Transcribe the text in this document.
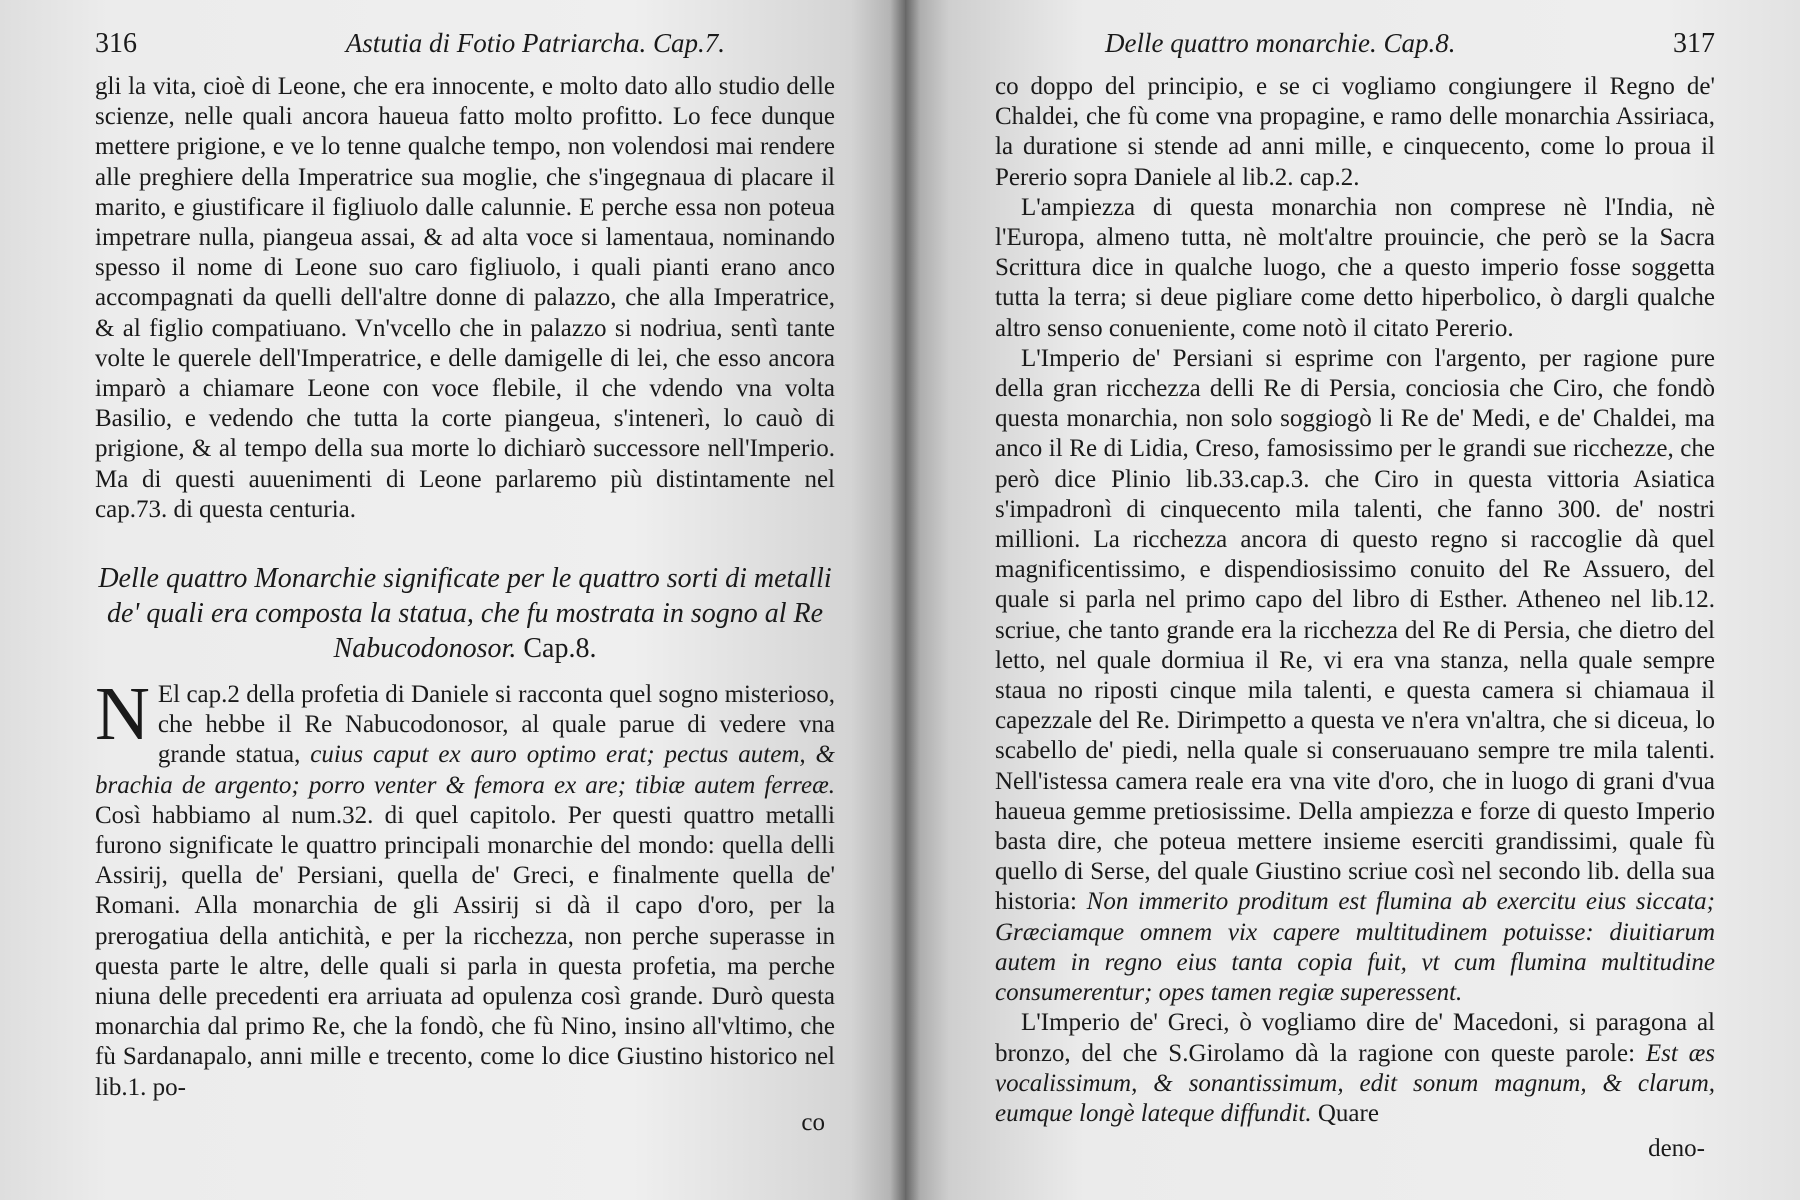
316	Astutia di Fotio Patriarcha. Cap.7.

gli la vita, cioè di Leone, che era innocente, e molto dato allo studio delle scienze, nelle quali ancora haueua fatto molto profitto. Lo fece dunque mettere prigione, e ve lo tenne qualche tempo, non volendosi mai rendere alle preghiere della Imperatrice sua moglie, che s'ingegnaua di placare il marito, e giustificare il figliuolo dalle calunnie. E perche essa non poteua impetrare nulla, piangeua assai, & ad alta voce si lamentaua, nominando spesso il nome di Leone suo caro figliuolo, i quali pianti erano anco accompagnati da quelli dell'altre donne di palazzo, che alla Imperatrice, & al figlio compatiuano. Vn'vcello che in palazzo si nodriua, sentì tante volte le querele dell'Imperatrice, e delle damigelle di lei, che esso ancora imparò a chiamare Leone con voce flebile, il che vdendo vna volta Basilio, e vedendo che tutta la corte piangeua, s'intenerì, lo cauò di prigione, & al tempo della sua morte lo dichiarò successore nell'Imperio. Ma di questi auuenimenti di Leone parlaremo più distintamente nel cap.73. di questa centuria.

Delle quattro Monarchie significate per le quattro sorti di metalli de' quali era composta la statua, che fu mostrata in sogno al Re Nabucodonosor. Cap.8.

N El cap.2 della profetia di Daniele si racconta quel sogno misterioso, che hebbe il Re Nabucodonosor, al quale parue di vedere vna grande statua, cuius caput ex auro optimo erat; pectus autem, & brachia de argento; porro venter & femora ex are; tibiæ autem ferreæ. Così habbiamo al num.32. di quel capitolo. Per questi quattro metalli furono significate le quattro principali monarchie del mondo: quella delli Assirij, quella de' Persiani, quella de' Greci, e finalmente quella de' Romani. Alla monarchia de gli Assirij si dà il capo d'oro, per la prerogatiua della antichità, e per la ricchezza, non perche superasse in questa parte le altre, delle quali si parla in questa profetia, ma perche niuna delle precedenti era arriuata ad opulenza così grande. Durò questa monarchia dal primo Re, che la fondò, che fù Nino, insino all'vltimo, che fù Sardanapalo, anni mille e trecento, come lo dice Giustino historico nel lib.1. po-

co
Delle quattro monarchie. Cap.8.	317

co doppo del principio, e se ci vogliamo congiungere il Regno de' Chaldei, che fù come vna propagine, e ramo delle monarchia Assiriaca, la duratione si stende ad anni mille, e cinquecento, come lo proua il Pererio sopra Daniele al lib.2. cap.2.

L'ampiezza di questa monarchia non comprese nè l'India, nè l'Europa, almeno tutta, nè molt'altre prouincie, che però se la Sacra Scrittura dice in qualche luogo, che a questo imperio fosse soggetta tutta la terra; si deue pigliare come detto hiperbolico, ò dargli qualche altro senso conueniente, come notò il citato Pererio.

L'Imperio de' Persiani si esprime con l'argento, per ragione pure della gran ricchezza delli Re di Persia, conciosia che Ciro, che fondò questa monarchia, non solo soggiogò li Re de' Medi, e de' Chaldei, ma anco il Re di Lidia, Creso, famosissimo per le grandi sue ricchezze, che però dice Plinio lib.33.cap.3. che Ciro in questa vittoria Asiatica s'impadronì di cinquecento mila talenti, che fanno 300. de' nostri millioni. La ricchezza ancora di questo regno si raccoglie dà quel magnificentissimo, e dispendiosissimo conuito del Re Assuero, del quale si parla nel primo capo del libro di Esther. Atheneo nel lib.12. scriue, che tanto grande era la ricchezza del Re di Persia, che dietro del letto, nel quale dormiua il Re, vi era vna stanza, nella quale sempre staua no riposti cinque mila talenti, e questa camera si chiamaua il capezzale del Re. Dirimpetto a questa ve n'era vn'altra, che si diceua, lo scabello de' piedi, nella quale si conseruauano sempre tre mila talenti. Nell'istessa camera reale era vna vite d'oro, che in luogo di grani d'vua haueua gemme pretiosissime. Della ampiezza e forze di questo Imperio basta dire, che poteua mettere insieme eserciti grandissimi, quale fù quello di Serse, del quale Giustino scriue così nel secondo lib. della sua historia: Non immerito proditum est flumina ab exercitu eius siccata; Græciamque omnem vix capere multitudinem potuisse: diuitiarum autem in regno eius tanta copia fuit, vt cum flumina multitudine consumerentur; opes tamen regiæ superessent.

L'Imperio de' Greci, ò vogliamo dire de' Macedoni, si paragona al bronzo, del che S.Girolamo dà la ragione con queste parole: Est æs vocalissimum, & sonantissimum, edit sonum magnum, & clarum, eumque longè lateque diffundit. Quare

deno-
